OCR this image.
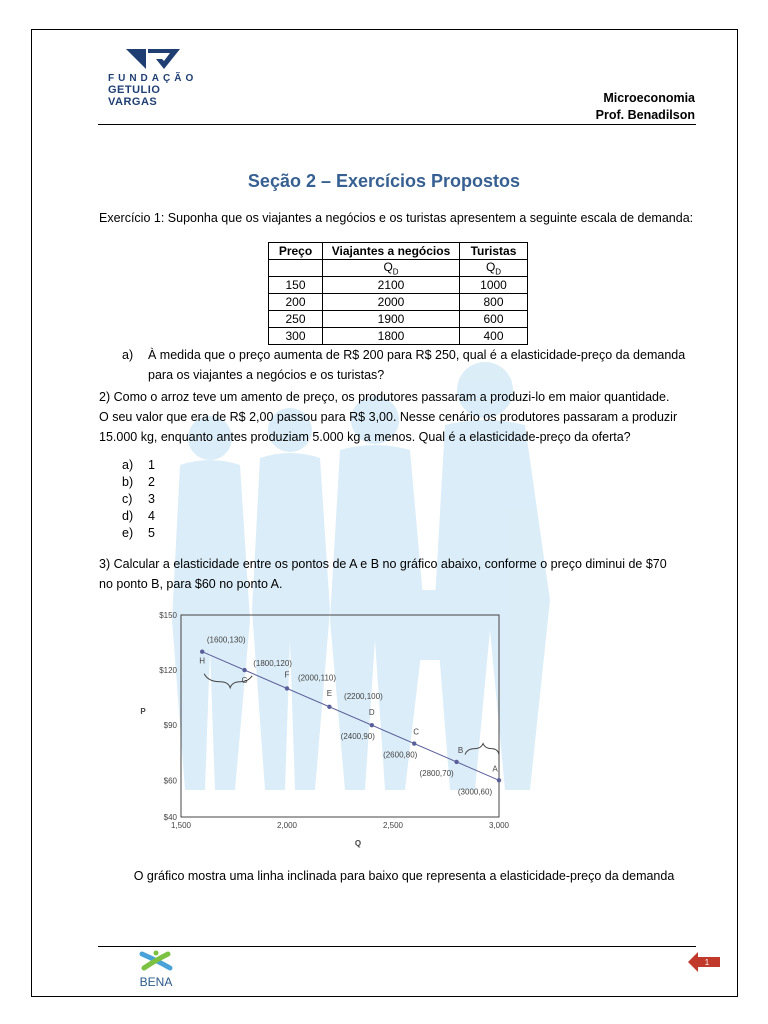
FUNDAÇÃO
GETULIO VARGAS	Microeconomia
Prof. Benadilson
Seção 2 – Exercícios Propostos
Exercício 1: Suponha que os viajantes a negócios e os turistas apresentem a seguinte escala de demanda:
Preço	Viajantes a negócios	Turistas
	$Q_D$	$Q_D$
150	2100	1000
200	2000	800
250	1900	600
300	1800	400
a) À medida que o preço aumenta de R$ 200 para R$ 250, qual é a elasticidade-preço da demanda
para os viajantes a negócios e os turistas?
2) Como o arroz teve um amento de preço, os produtores passaram a produzi-lo em maior quantidade.
O seu valor que era de R$ 2,00 passou para R$ 3,00. Nesse cenário os produtores passaram a produzir
15.000 kg, enquanto antes produziam 5.000 kg a menos. Qual é a elasticidade-preço da oferta?
a)	1
b)	2
c)	3
d)	4
e)	5
3) Calcular a elasticidade entre os pontos de A e B no gráfico abaixo, conforme o preço diminui de $70
no ponto B, para $60 no ponto A.
1,500	2,000	2,500	3,000
$40
$60
$90
$120
$150
Q
P
H
(1600,130)
G
(1800,120)
F (2000,110)
E (2200,100)
D
(2400,90)
C
(2600,80)
B
(2800,70)
A
(3000,60)
O gráfico mostra uma linha inclinada para baixo que representa a elasticidade-preço da demanda
BENA
1
